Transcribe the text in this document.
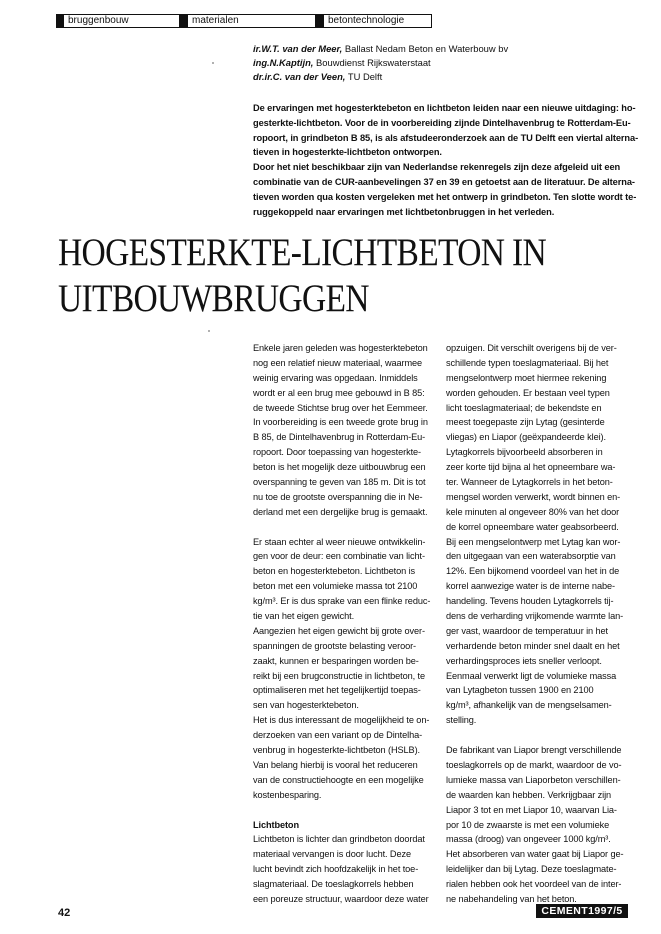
bruggenbouw	materialen	betontechnologie
ir.W.T. van der Meer, Ballast Nedam Beton en Waterbouw bv
ing.N.Kaptijn, Bouwdienst Rijkswaterstaat
dr.ir.C. van der Veen, TU Delft
De ervaringen met hogesterktebeton en lichtbeton leiden naar een nieuwe uitdaging: ho-
gesterkte-lichtbeton. Voor de in voorbereiding zijnde Dintelhavenbrug te Rotterdam-Eu-
ropoort, in grindbeton B 85, is als afstudeeronderzoek aan de TU Delft een viertal alterna-
tieven in hogesterkte-lichtbeton ontworpen.
Door het niet beschikbaar zijn van Nederlandse rekenregels zijn deze afgeleid uit een
combinatie van de CUR-aanbevelingen 37 en 39 en getoetst aan de literatuur. De alterna-
tieven worden qua kosten vergeleken met het ontwerp in grindbeton. Ten slotte wordt te-
ruggekoppeld naar ervaringen met lichtbetonbruggen in het verleden.
HOGESTERKTE-LICHTBETON IN
UITBOUWBRUGGEN
Enkele jaren geleden was hogesterktebeton
nog een relatief nieuw materiaal, waarmee
weinig ervaring was opgedaan. Inmiddels
wordt er al een brug mee gebouwd in B 85:
de tweede Stichtse brug over het Eemmeer.
In voorbereiding is een tweede grote brug in
B 85, de Dintelhavenbrug in Rotterdam-Eu-
ropoort. Door toepassing van hogesterkte-
beton is het mogelijk deze uitbouwbrug een
overspanning te geven van 185 m. Dit is tot
nu toe de grootste overspanning die in Ne-
derland met een dergelijke brug is gemaakt.
Er staan echter al weer nieuwe ontwikkelin-
gen voor de deur: een combinatie van licht-
beton en hogesterktebeton. Lichtbeton is
beton met een volumieke massa tot 2100
kg/m³. Er is dus sprake van een flinke reduc-
tie van het eigen gewicht.
Aangezien het eigen gewicht bij grote over-
spanningen de grootste belasting veroor-
zaakt, kunnen er besparingen worden be-
reikt bij een brugconstructie in lichtbeton, te
optimaliseren met het tegelijkertijd toepas-
sen van hogesterktebeton.
Het is dus interessant de mogelijkheid te on-
derzoeken van een variant op de Dintelha-
venbrug in hogesterkte-lichtbeton (HSLB).
Van belang hierbij is vooral het reduceren
van de constructiehoogte en een mogelijke
kostenbesparing.
Lichtbeton
Lichtbeton is lichter dan grindbeton doordat
materiaal vervangen is door lucht. Deze
lucht bevindt zich hoofdzakelijk in het toe-
slagmateriaal. De toeslagkorrels hebben
een poreuze structuur, waardoor deze water
opzuigen. Dit verschilt overigens bij de ver-
schillende typen toeslagmateriaal. Bij het
mengselontwerp moet hiermee rekening
worden gehouden. Er bestaan veel typen
licht toeslagmateriaal; de bekendste en
meest toegepaste zijn Lytag (gesinterde
vliegas) en Liapor (geëxpandeerde klei).
Lytagkorrels bijvoorbeeld absorberen in
zeer korte tijd bijna al het opneembare wa-
ter. Wanneer de Lytagkorrels in het beton-
mengsel worden verwerkt, wordt binnen en-
kele minuten al ongeveer 80% van het door
de korrel opneembare water geabsorbeerd.
Bij een mengselontwerp met Lytag kan wor-
den uitgegaan van een waterabsorptie van
12%. Een bijkomend voordeel van het in de
korrel aanwezige water is de interne nabe-
handeling. Tevens houden Lytagkorrels tij-
dens de verharding vrijkomende warmte lan-
ger vast, waardoor de temperatuur in het
verhardende beton minder snel daalt en het
verhardingsproces iets sneller verloopt.
Eenmaal verwerkt ligt de volumieke massa
van Lytagbeton tussen 1900 en 2100
kg/m³, afhankelijk van de mengselsamen-
stelling.
De fabrikant van Liapor brengt verschillende
toeslagkorrels op de markt, waardoor de vo-
lumieke massa van Liaporbeton verschillen-
de waarden kan hebben. Verkrijgbaar zijn
Liapor 3 tot en met Liapor 10, waarvan Lia-
por 10 de zwaarste is met een volumieke
massa (droog) van ongeveer 1000 kg/m³.
Het absorberen van water gaat bij Liapor ge-
leidelijker dan bij Lytag. Deze toeslagmate-
rialen hebben ook het voordeel van de inter-
ne nabehandeling van het beton.
42	CEMENT1997/5
